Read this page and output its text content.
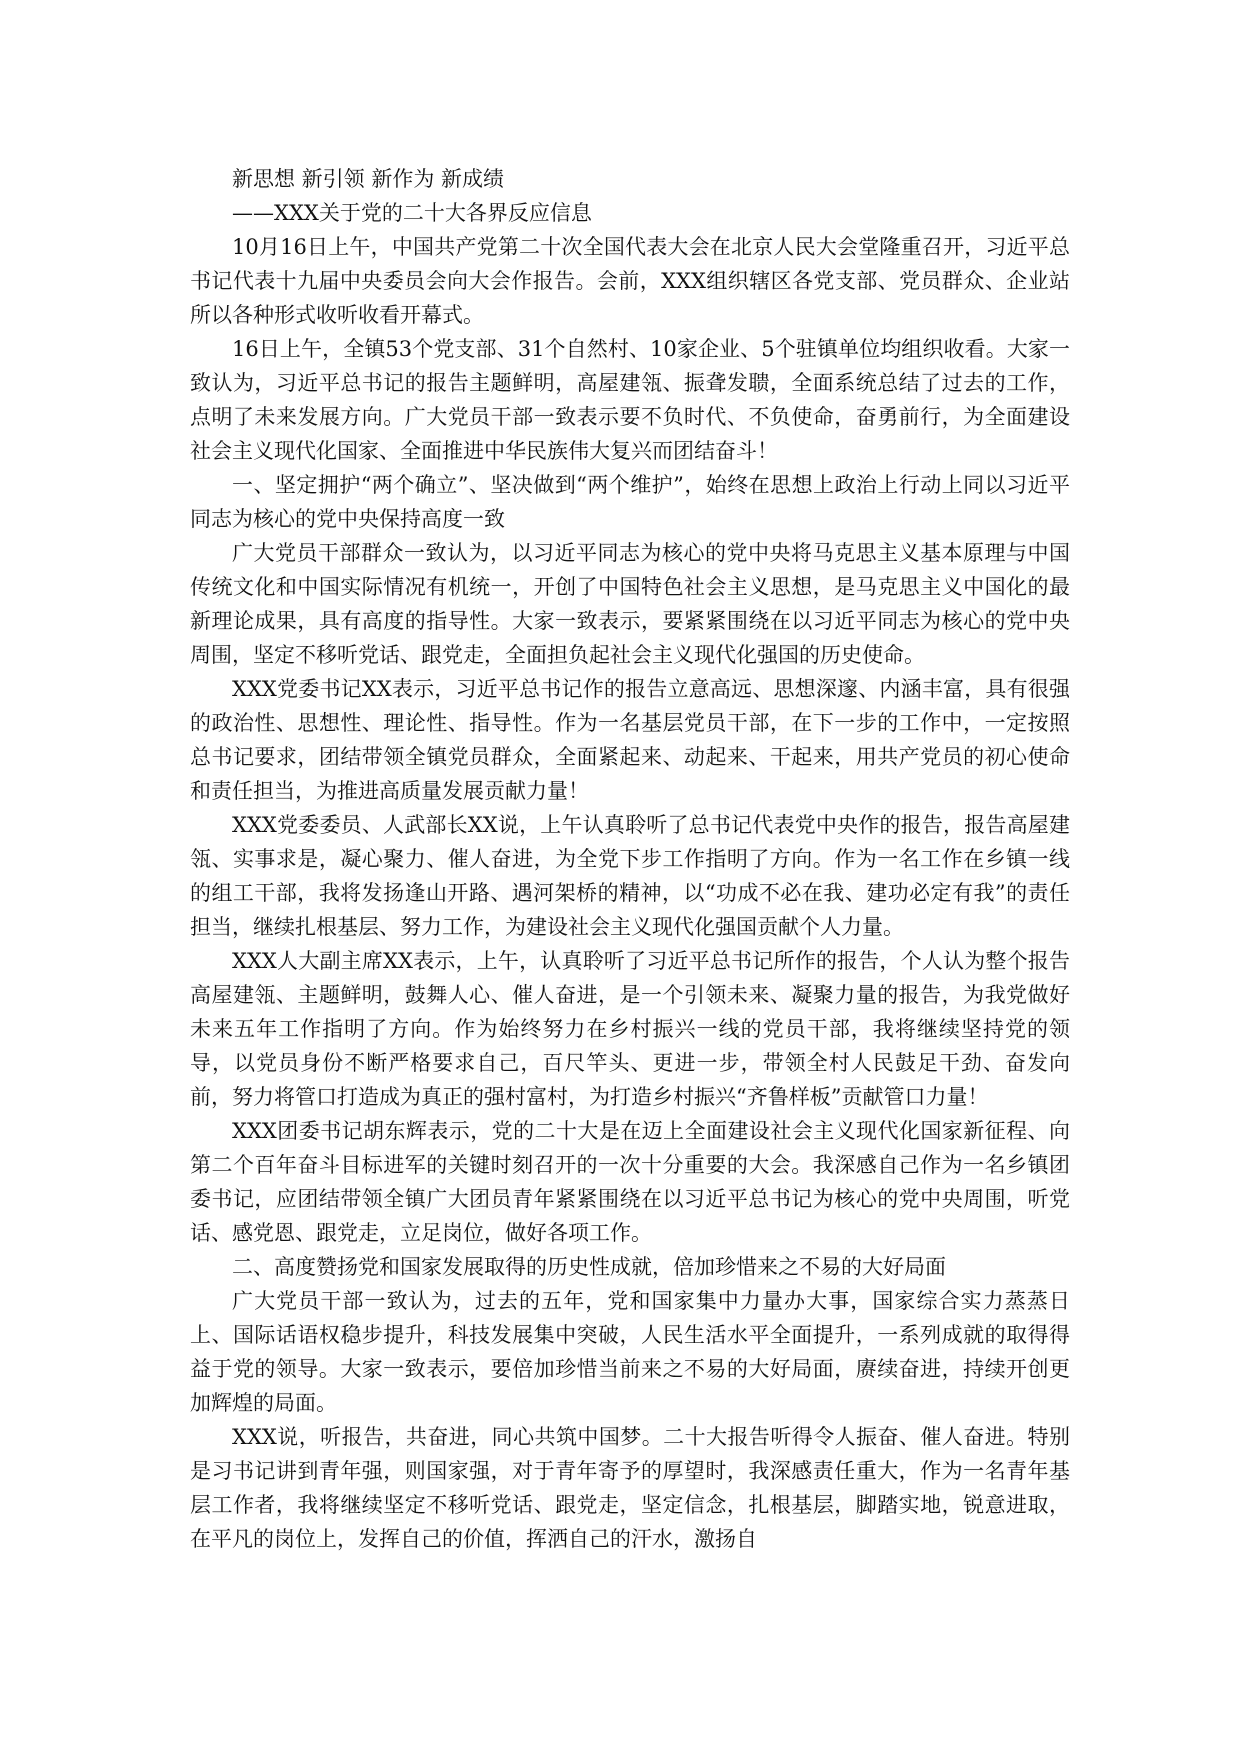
新思想 新引领 新作为 新成绩

——XXX关于党的二十大各界反应信息

10月16日上午，中国共产党第二十次全国代表大会在北京人民大会堂隆重召开，习近平总书记代表十九届中央委员会向大会作报告。会前，XXX组织辖区各党支部、党员群众、企业站所以各种形式收听收看开幕式。

16日上午，全镇53个党支部、31个自然村、10家企业、5个驻镇单位均组织收看。大家一致认为，习近平总书记的报告主题鲜明，高屋建瓴、振聋发聩，全面系统总结了过去的工作，点明了未来发展方向。广大党员干部一致表示要不负时代、不负使命，奋勇前行，为全面建设社会主义现代化国家、全面推进中华民族伟大复兴而团结奋斗！

一、坚定拥护“两个确立”、坚决做到“两个维护”，始终在思想上政治上行动上同以习近平同志为核心的党中央保持高度一致

广大党员干部群众一致认为，以习近平同志为核心的党中央将马克思主义基本原理与中国传统文化和中国实际情况有机统一，开创了中国特色社会主义思想，是马克思主义中国化的最新理论成果，具有高度的指导性。大家一致表示，要紧紧围绕在以习近平同志为核心的党中央周围，坚定不移听党话、跟党走，全面担负起社会主义现代化强国的历史使命。

XXX党委书记XX表示，习近平总书记作的报告立意高远、思想深邃、内涵丰富，具有很强的政治性、思想性、理论性、指导性。作为一名基层党员干部，在下一步的工作中，一定按照总书记要求，团结带领全镇党员群众，全面紧起来、动起来、干起来，用共产党员的初心使命和责任担当，为推进高质量发展贡献力量！

XXX党委委员、人武部长XX说，上午认真聆听了总书记代表党中央作的报告，报告高屋建瓴、实事求是，凝心聚力、催人奋进，为全党下步工作指明了方向。作为一名工作在乡镇一线的组工干部，我将发扬逢山开路、遇河架桥的精神，以“功成不必在我、建功必定有我”的责任担当，继续扎根基层、努力工作，为建设社会主义现代化强国贡献个人力量。

XXX人大副主席XX表示，上午，认真聆听了习近平总书记所作的报告，个人认为整个报告高屋建瓴、主题鲜明，鼓舞人心、催人奋进，是一个引领未来、凝聚力量的报告，为我党做好未来五年工作指明了方向。作为始终努力在乡村振兴一线的党员干部，我将继续坚持党的领导，以党员身份不断严格要求自己，百尺竿头、更进一步，带领全村人民鼓足干劲、奋发向前，努力将管口打造成为真正的强村富村，为打造乡村振兴“齐鲁样板”贡献管口力量！

XXX团委书记胡东辉表示，党的二十大是在迈上全面建设社会主义现代化国家新征程、向第二个百年奋斗目标进军的关键时刻召开的一次十分重要的大会。我深感自己作为一名乡镇团委书记，应团结带领全镇广大团员青年紧紧围绕在以习近平总书记为核心的党中央周围，听党话、感党恩、跟党走，立足岗位，做好各项工作。

二、高度赞扬党和国家发展取得的历史性成就，倍加珍惜来之不易的大好局面

广大党员干部一致认为，过去的五年，党和国家集中力量办大事，国家综合实力蒸蒸日上、国际话语权稳步提升，科技发展集中突破，人民生活水平全面提升，一系列成就的取得得益于党的领导。大家一致表示，要倍加珍惜当前来之不易的大好局面，赓续奋进，持续开创更加辉煌的局面。

XXX说，听报告，共奋进，同心共筑中国梦。二十大报告听得令人振奋、催人奋进。特别是习书记讲到青年强，则国家强，对于青年寄予的厚望时，我深感责任重大，作为一名青年基层工作者，我将继续坚定不移听党话、跟党走，坚定信念，扎根基层，脚踏实地，锐意进取，在平凡的岗位上，发挥自己的价值，挥洒自己的汗水，激扬自
